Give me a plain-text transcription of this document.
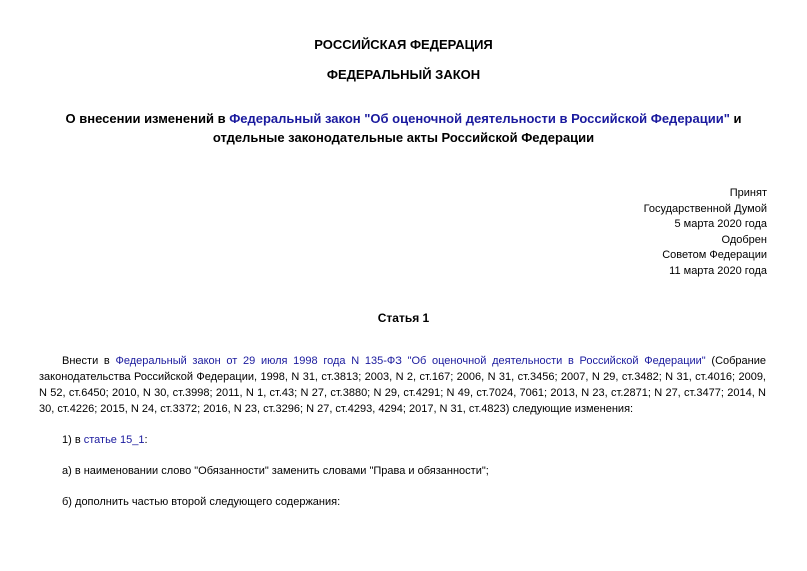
РОССИЙСКАЯ ФЕДЕРАЦИЯ
ФЕДЕРАЛЬНЫЙ ЗАКОН
О внесении изменений в Федеральный закон "Об оценочной деятельности в Российской Федерации" и отдельные законодательные акты Российской Федерации
Принят
Государственной Думой
5 марта 2020 года
Одобрен
Советом Федерации
11 марта 2020 года
Статья 1
Внести в Федеральный закон от 29 июля 1998 года N 135-ФЗ "Об оценочной деятельности в Российской Федерации" (Собрание законодательства Российской Федерации, 1998, N 31, ст.3813; 2003, N 2, ст.167; 2006, N 31, ст.3456; 2007, N 29, ст.3482; N 31, ст.4016; 2009, N 52, ст.6450; 2010, N 30, ст.3998; 2011, N 1, ст.43; N 27, ст.3880; N 29, ст.4291; N 49, ст.7024, 7061; 2013, N 23, ст.2871; N 27, ст.3477; 2014, N 30, ст.4226; 2015, N 24, ст.3372; 2016, N 23, ст.3296; N 27, ст.4293, 4294; 2017, N 31, ст.4823) следующие изменения:
1) в статье 15_1:
а) в наименовании слово "Обязанности" заменить словами "Права и обязанности";
б) дополнить частью второй следующего содержания:
